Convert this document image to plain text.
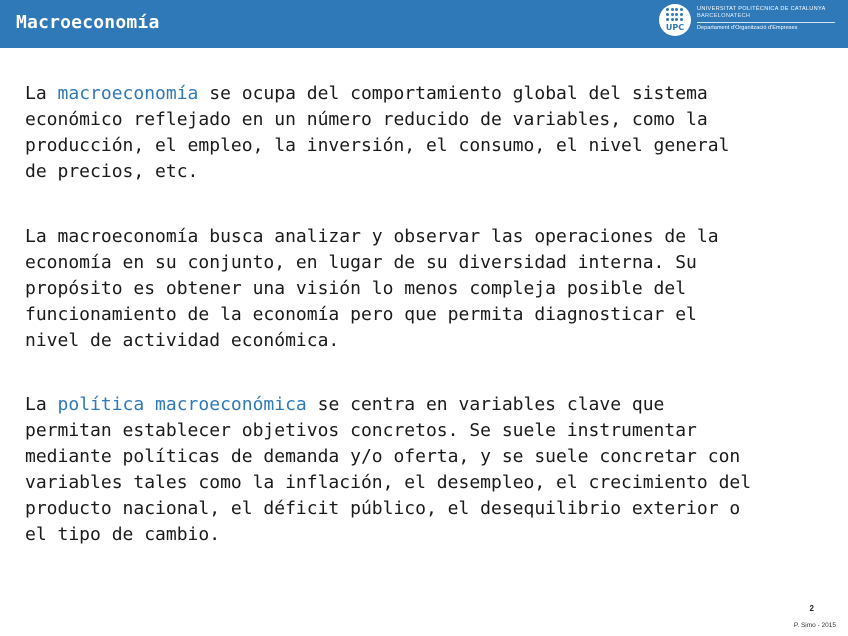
Macroeconomía	UPC
UNIVERSITAT POLITÈCNICA DE CATALUNYA
BARCELONATECH
Departament d'Organització d'Empreses
La macroeconomía se ocupa del comportamiento global del sistema
económico reflejado en un número reducido de variables, como la
producción, el empleo, la inversión, el consumo, el nivel general
de precios, etc.
La macroeconomía busca analizar y observar las operaciones de la
economía en su conjunto, en lugar de su diversidad interna. Su
propósito es obtener una visión lo menos compleja posible del
funcionamiento de la economía pero que permita diagnosticar el
nivel de actividad económica.
La política macroeconómica se centra en variables clave que
permitan establecer objetivos concretos. Se suele instrumentar
mediante políticas de demanda y/o oferta, y se suele concretar con
variables tales como la inflación, el desempleo, el crecimiento del
producto nacional, el déficit público, el desequilibrio exterior o
el tipo de cambio.
2
P. Simo - 2015
